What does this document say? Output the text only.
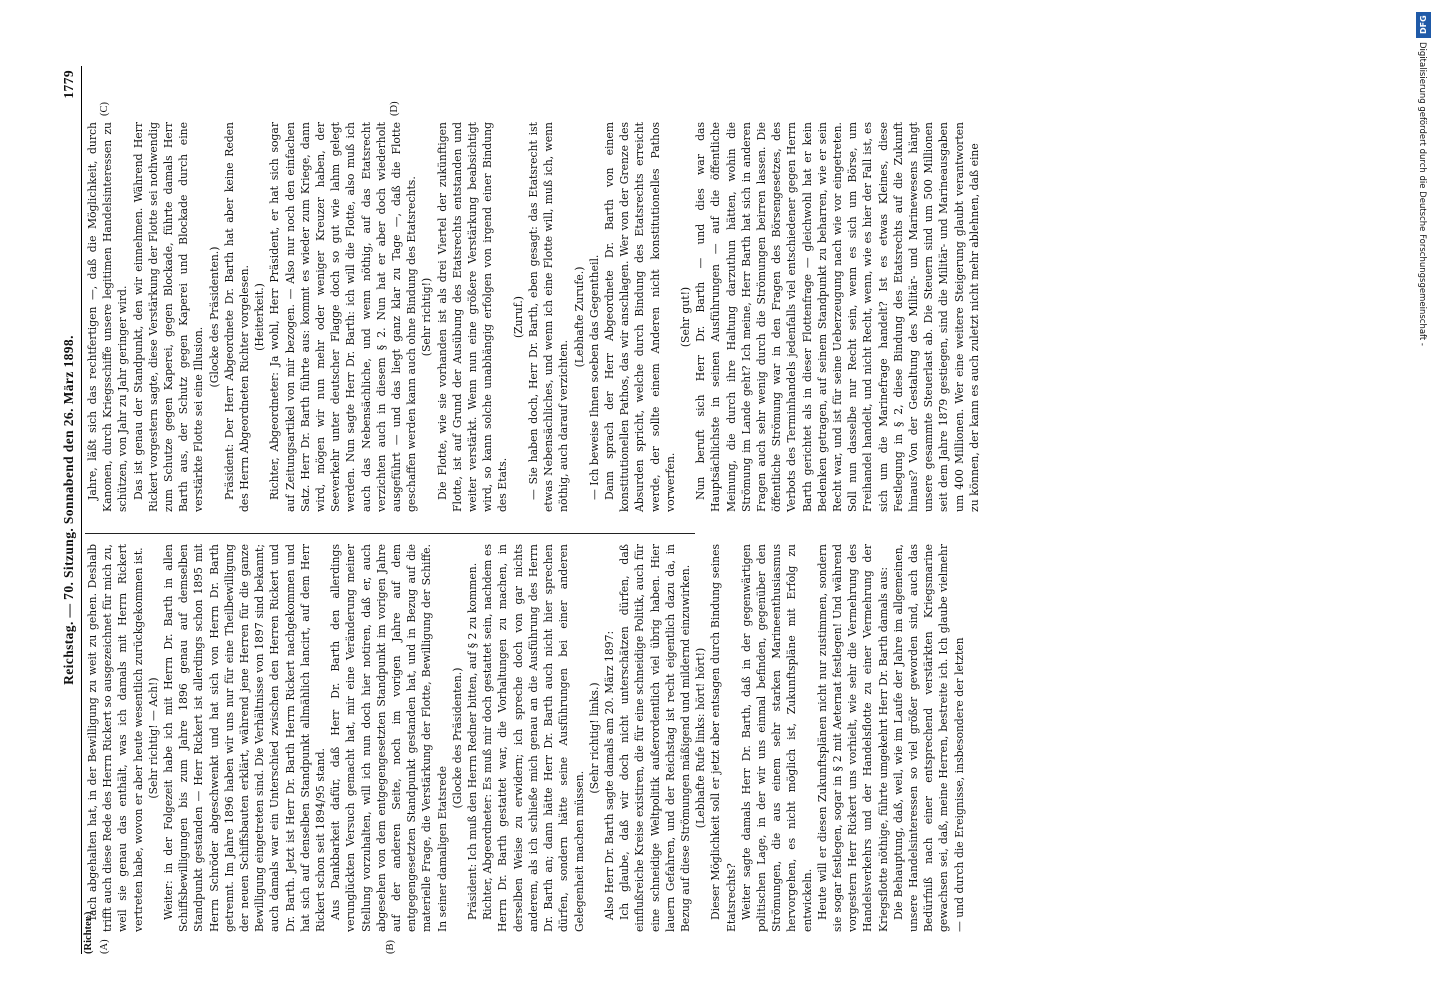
Reichstag. — 70. Sitzung. Sonnabend den 26. März 1898.
1779
(Richter.) (A)	(B)
(C)	(D)

fach abgehalten hat, in der Bewilligung zu weit zu gehen. Deshalb trifft auch diese Rede des Herrn Rickert so ausgezeichnet für mich zu, weil sie genau das enthält, was ich damals mit Herrn Rickert vertreten habe, wovon er aber heute wesentlich zurückgekommen ist. (Sehr richtig! — Ach!) Weiter: in der Folgezeit habe ich mit Herrn Dr. Barth in allen Schiffsbewilligungen bis zum Jahre 1896 genau auf demselben Standpunkt gestanden — Herr Rickert ist allerdings schon 1895 mit Herrn Schröder abgeschwenkt und hat sich von Herrn Dr. Barth getrennt. Im Jahre 1896 haben wir uns nur für eine Theilbewilligung der neuen Schiffsbauten erklärt, während jene Herren für die ganze Bewilligung eingetreten sind. Die Verhältnisse von 1897 sind bekannt; auch damals war ein Unterschied zwischen den Herren Rickert und Dr. Barth. Jetzt ist Herr Dr. Barth Herrn Rickert nachgekommen und hat sich auf denselben Standpunkt allmählich lancirt, auf dem Herr Rickert schon seit 1894/95 stand. Aus Dankbarkeit dafür, daß Herr Dr. Barth den allerdings verunglückten Versuch gemacht hat, mir eine Veränderung meiner Stellung vorzuhalten, will ich nun doch hier notiren, daß er, auch abgesehen von dem entgegengesetzten Standpunkt im vorigen Jahre auf der anderen Seite, noch im vorigen Jahre auf dem entgegengesetzten Standpunkt gestanden hat, und in Bezug auf die materielle Frage, die Verstärkung der Flotte, Bewilligung der Schiffe. In seiner damaligen Etatsrede

(Glocke des Präsidenten.) Präsident: Ich muß den Herrn Redner bitten, auf § 2 zu kommen. Richter, Abgeordneter: Es muß mir doch gestattet sein, nachdem es Herrn Dr. Barth gestattet war, die Vorhaltungen zu machen, in derselben Weise zu erwidern; ich spreche doch von gar nichts anderem, als ich schließe mich genau an die Ausführung des Herrn Dr. Barth an; dann hätte Herr Dr. Barth auch nicht hier sprechen dürfen, sondern hätte seine Ausführungen bei einer anderen Gelegenheit machen müssen.

(Sehr richtig! links.) Also Herr Dr. Barth sagte damals am 20. März 1897: Ich glaube, daß wir doch nicht unterschätzen dürfen, daß einflußreiche Kreise existiren, die für eine schneidige Politik, auch für eine schneidige Weltpolitik außerordentlich viel übrig haben. Hier lauern Gefahren, und der Reichstag ist recht eigentlich dazu da, in Bezug auf diese Strömungen mäßigend und mildernd einzuwirken. (Lebhafte Rufe links: hört! hört!) Dieser Möglichkeit soll er jetzt aber entsagen durch Bindung seines Etatsrechts? Weiter sagte damals Herr Dr. Barth, daß in der gegenwärtigen politischen Lage, in der wir uns einmal befinden, gegenüber den Strömungen, die aus einem sehr starken Marineenthusiasmus hervorgehen, es nicht möglich ist, Zukunftspläne mit Erfolg zu entwickeln. Heute will er diesen Zukunftsplänen nicht nur zustimmen, sondern sie sogar festlegen, sogar in § 2 mit Aeternat festlegen! Und während vorgestern Herr Rickert uns vorhielt, wie sehr die Vermehrung des Handelsverkehrs und der Handelsflotte zu einer Vermehrung der Kriegsflotte nöthige, führte umgekehrt Herr Dr. Barth damals aus: Die Behauptung, daß, weil, wie im Laufe der Jahre im allgemeinen, unsere Handelsinteressen so viel größer geworden sind, auch das Bedürfniß nach einer entsprechend verstärkten Kriegsmarine gewachsen sei, daß, meine Herren, bestreite ich. Ich glaube vielmehr — und durch die Ereignisse, insbesondere der letzten

Jahre, läßt sich das rechtfertigen —, daß die Möglichkeit, durch Kanonen, durch Kriegsschiffe unsere legitimen Handelsinteressen zu schützen, von Jahr zu Jahr geringer wird. Das ist genau der Standpunkt, den wir einnehmen. Während Herr Rickert vorgestern sagte, diese Verstärkung der Flotte sei nothwendig zum Schutze gegen Kaperei, gegen Blockade, führte damals Herr Barth aus, der Schutz gegen Kaperei und Blockade durch eine verstärkte Flotte sei eine Illusion.

(Glocke des Präsidenten.) Präsident: Der Herr Abgeordnete Dr. Barth hat aber keine Reden des Herrn Abgeordneten Richter vorgelesen. (Heiterkeit.) Richter, Abgeordneter: Ja wohl, Herr Präsident, er hat sich sogar auf Zeitungsartikel von mir bezogen. — Also nur noch den einfachen Satz. Herr Dr. Barth führte aus: kommt es wieder zum Kriege, dann wird, mögen wir nun mehr oder weniger Kreuzer haben, der Seeverkehr unter deutscher Flagge doch so gut wie lahm gelegt werden. Nun sagte Herr Dr. Barth: ich will die Flotte, also muß ich auch das Nebensächliche, und wenn nöthig, auf das Etatsrecht verzichten auch in diesem § 2. Nun hat er aber doch wiederholt ausgeführt — und das liegt ganz klar zu Tage —, daß die Flotte geschaffen werden kann auch ohne Bindung des Etatsrechts. (Sehr richtig!) Die Flotte, wie sie vorhanden ist als drei Viertel der zukünftigen Flotte, ist auf Grund der Ausübung des Etatsrechts entstanden und weiter verstärkt. Wenn nun eine größere Verstärkung beabsichtigt wird, so kann solche unabhängig erfolgen von irgend einer Bindung des Etats.

(Zuruf.) — Sie haben doch, Herr Dr. Barth, eben gesagt: das Etatsrecht ist etwas Nebensächliches, und wenn ich eine Flotte will, muß ich, wenn nöthig, auch darauf verzichten.

(Lebhafte Zurufe.) — Ich beweise Ihnen soeben das Gegentheil. Dann sprach der Herr Abgeordnete Dr. Barth von einem konstitutionellen Pathos, das wir anschlagen. Wer von der Grenze des Absurden spricht, welche durch Bindung des Etatsrechts erreicht werde, der sollte einem Anderen nicht konstitutionelles Pathos vorwerfen.

(Sehr gut!) Nun beruft sich Herr Dr. Barth — und dies war das Hauptsächlichste in seinen Ausführungen — auf die öffentliche Meinung, die durch ihre Haltung darzuthun hätten, wohin die Strömung im Lande geht? Ich meine, Herr Barth hat sich in anderen Fragen auch sehr wenig durch die Strömungen beirren lassen. Die öffentliche Strömung war in den Fragen des Börsengesetzes, des Verbots des Terminhandels jedenfalls viel entschiedener gegen Herrn Barth gerichtet als in dieser Flottenfrage — gleichwohl hat er kein Bedenken getragen, auf seinem Standpunkt zu beharren, wie er sein Recht war, und ist für seine Ueberzeugung nach wie vor eingetreten. Soll nun dasselbe nur Recht sein, wenn es sich um Börse, um Freihandel handelt, und nicht Recht, wenn, wie es hier der Fall ist, es sich um die Marinefrage handelt? Ist es etwas Kleines, diese Festlegung in § 2, diese Bindung des Etatsrechts auf die Zukunft hinaus? Von der Gestaltung des Militär- und Marinewesens hängt unsere gesammte Steuerlast ab. Die Steuern sind um 500 Millionen seit dem Jahre 1879 gestiegen, sind die Militär- und Marineausgaben um 400 Millionen. Wer eine weitere Steigerung glaubt verantworten zu können, der kann es auch zuletzt nicht mehr ablehnen, daß eine

DFG
Digitalisierung gefördert durch die Deutsche Forschungsgemeinschaft -
